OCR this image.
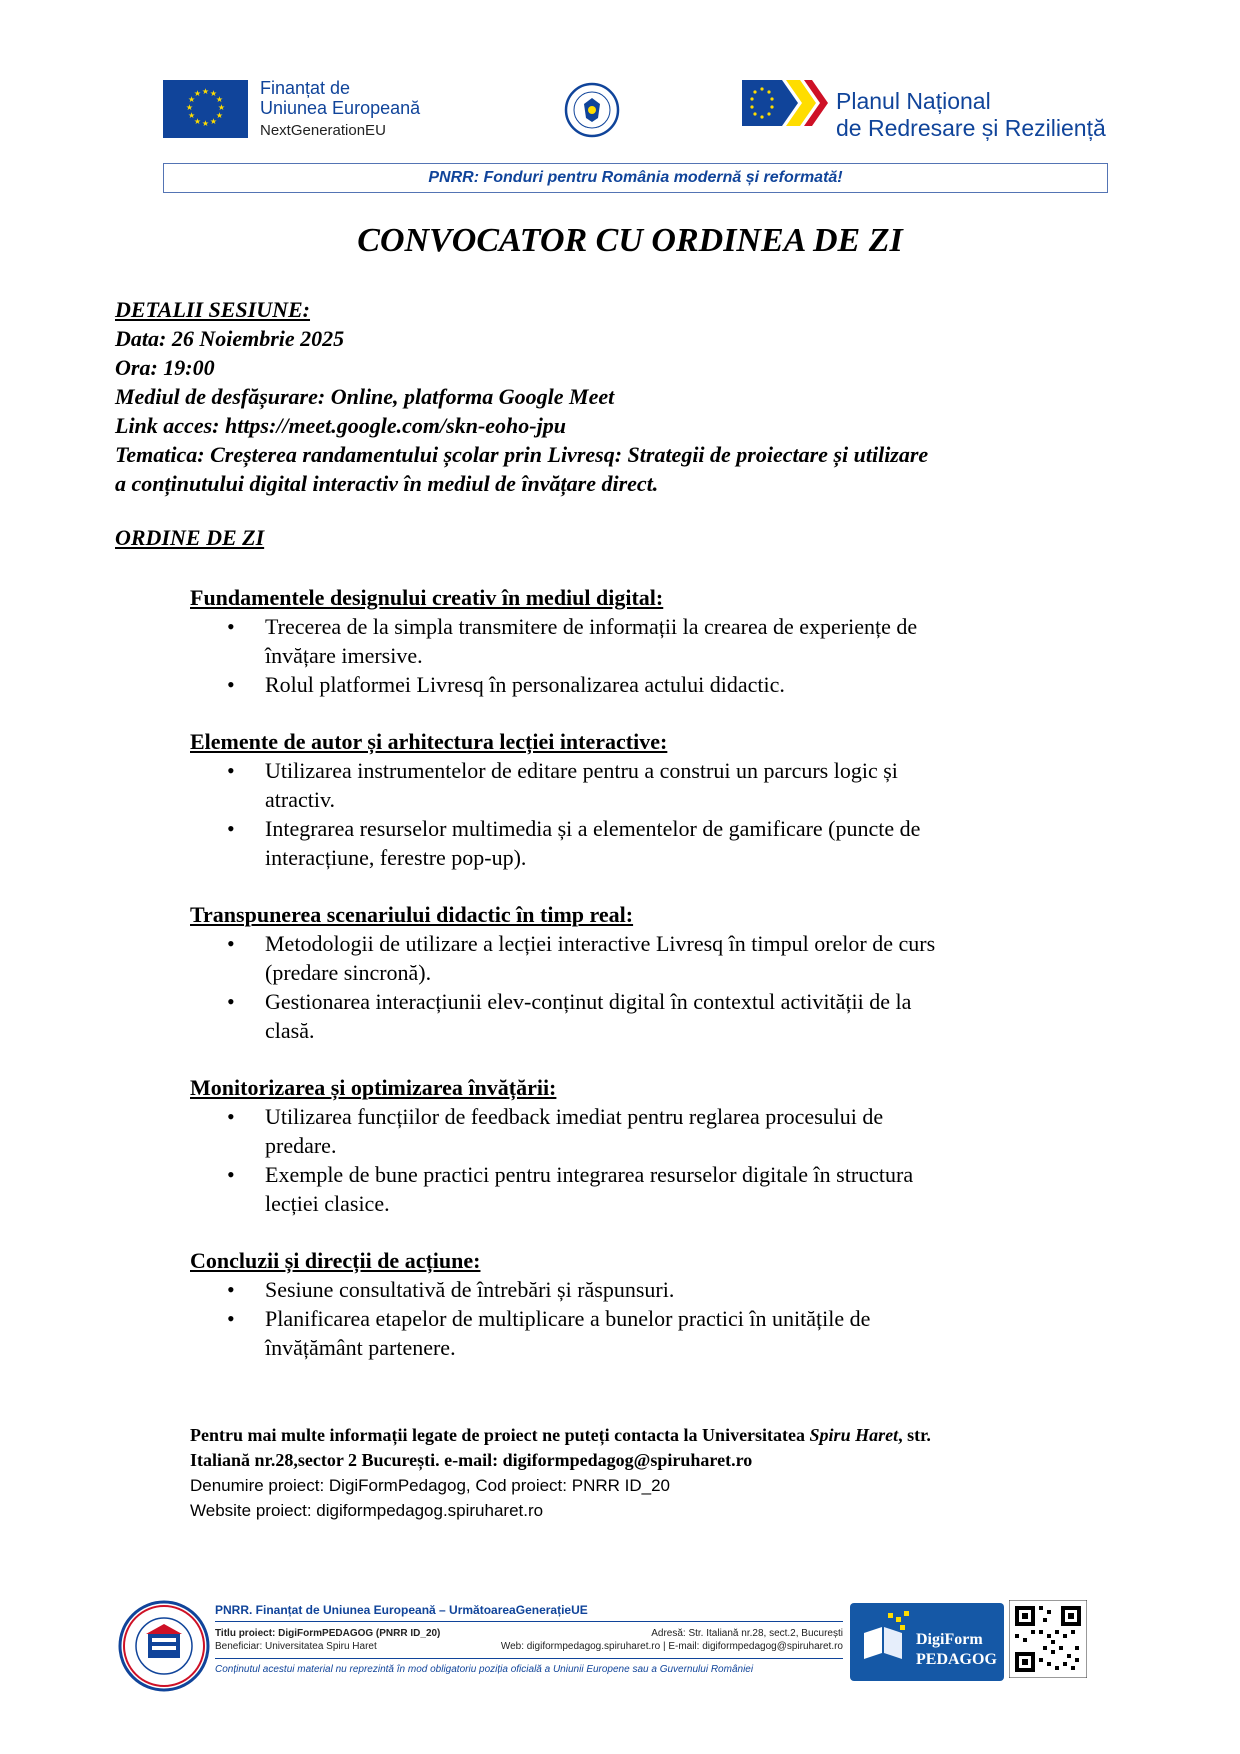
★ ★
★
★
★
★
★
★
★
★
★
★	Finanțat de
Uniunea Europeană
NextGenerationEU
Planul Național
de Redresare și Reziliență
PNRR: Fonduri pentru România modernă și reformată!
CONVOCATOR CU ORDINEA DE ZI
DETALII SESIUNE:
Data: 26 Noiembrie 2025
Ora: 19:00
Mediul de desfășurare: Online, platforma Google Meet
Link acces: https://meet.google.com/skn-eoho-jpu
Tematica: Creșterea randamentului școlar prin Livresq: Strategii de proiectare și utilizare
a conținutului digital interactiv în mediul de învățare direct.
ORDINE DE ZI
Fundamentele designului creativ în mediul digital:
• Trecerea de la simpla transmitere de informații la crearea de experiențe de
învățare imersive.
• Rolul platformei Livresq în personalizarea actului didactic.
Elemente de autor și arhitectura lecției interactive:
• Utilizarea instrumentelor de editare pentru a construi un parcurs logic și
atractiv.
• Integrarea resurselor multimedia și a elementelor de gamificare (puncte de
interacțiune, ferestre pop-up).
Transpunerea scenariului didactic în timp real:
• Metodologii de utilizare a lecției interactive Livresq în timpul orelor de curs
(predare sincronă).
• Gestionarea interacțiunii elev-conținut digital în contextul activității de la
clasă.
Monitorizarea și optimizarea învățării:
• Utilizarea funcțiilor de feedback imediat pentru reglarea procesului de
predare.
• Exemple de bune practici pentru integrarea resurselor digitale în structura
lecției clasice.
Concluzii și direcții de acțiune:
• Sesiune consultativă de întrebări și răspunsuri.
• Planificarea etapelor de multiplicare a bunelor practici în unitățile de
învățământ partenere.
Pentru mai multe informații legate de proiect ne puteți contacta la Universitatea Spiru Haret, str.
Italiană nr.28,sector 2 București. e-mail: digiformpedagog@spiruharet.ro
Denumire proiect: DigiFormPedagog, Cod proiect: PNRR ID_20
Website proiect: digiformpedagog.spiruharet.ro
PNRR. Finanțat de Uniunea Europeană – UrmătoareaGenerațieUE
Titlu proiect: DigiFormPEDAGOG (PNRR ID_20)	Adresă: Str. Italiană nr.28, sect.2, București
Beneficiar: Universitatea Spiru Haret	Web: digiformpedagog.spiruharet.ro | E-mail: digiformpedagog@spiruharet.ro
Conținutul acestui material nu reprezintă în mod obligatoriu poziția oficială a Uniunii Europene sau a Guvernului României
DigiForm
PEDAGOG
